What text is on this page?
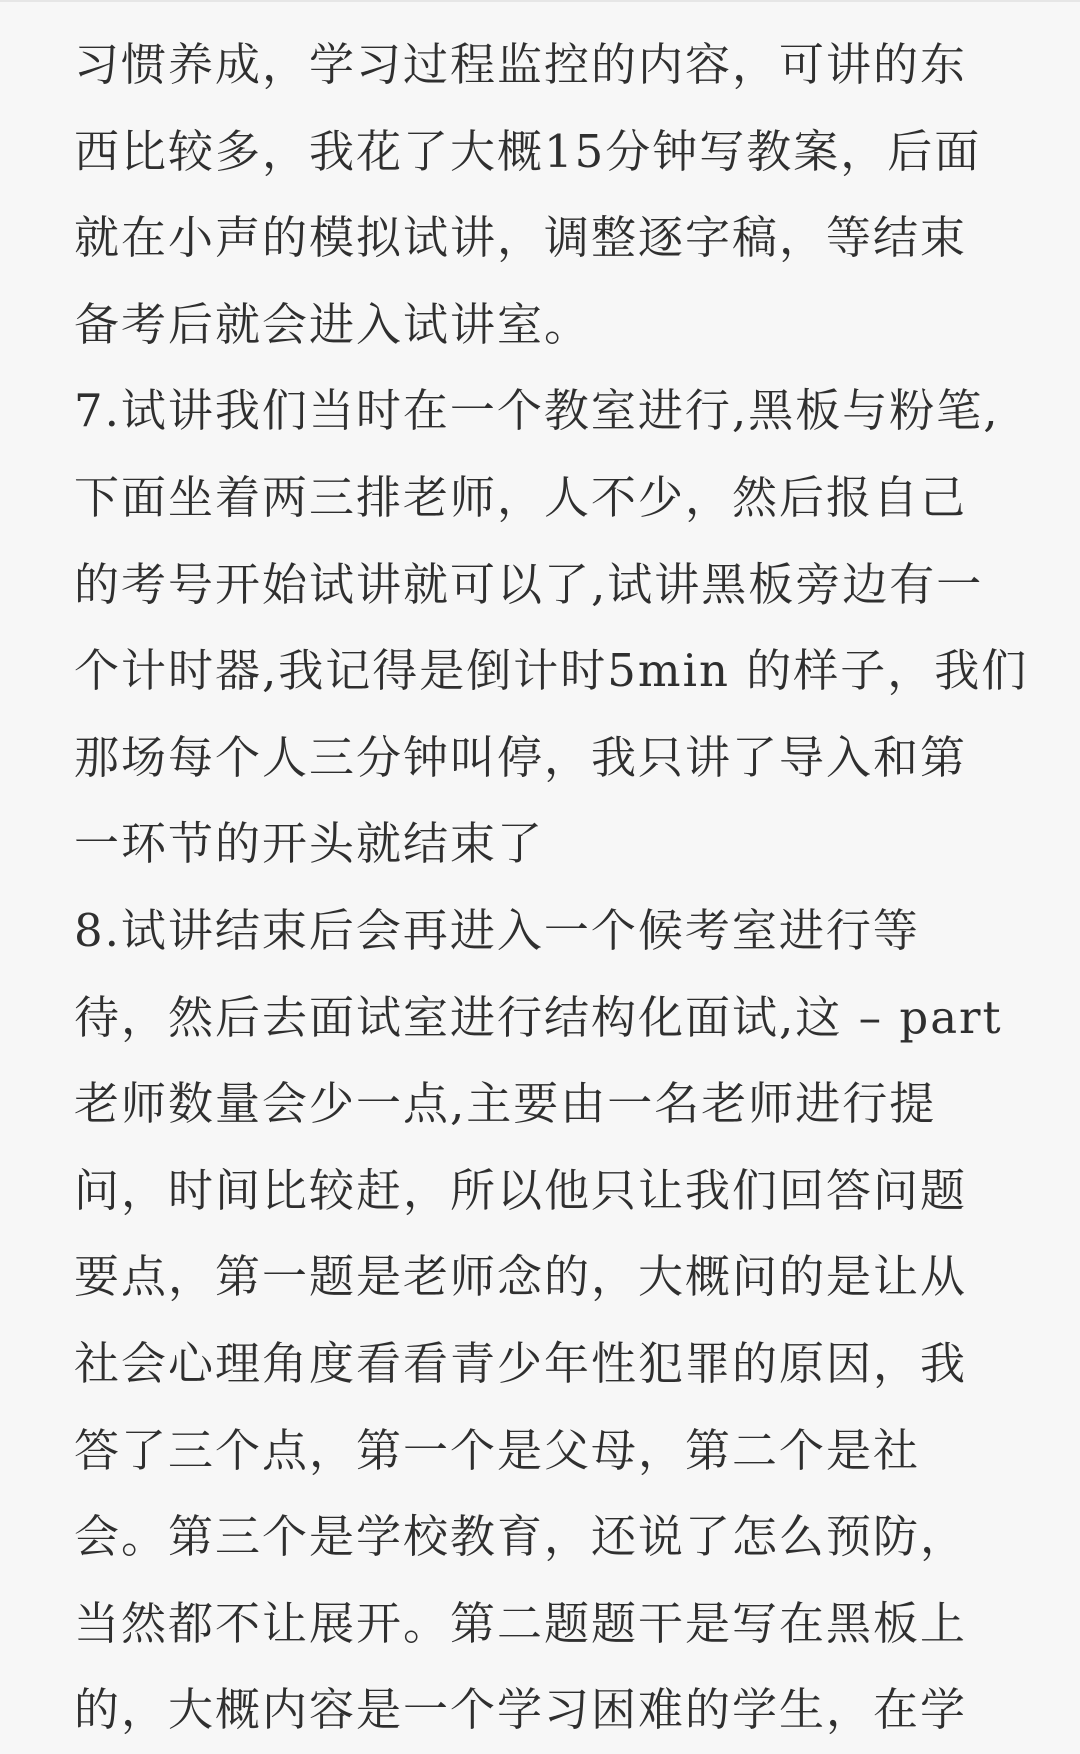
习惯养成，学习过程监控的内容，可讲的东
西比较多，我花了大概15分钟写教案，后面
就在小声的模拟试讲，调整逐字稿，等结束
备考后就会进入试讲室。
7.试讲我们当时在一个教室进行,黑板与粉笔,
下面坐着两三排老师，人不少，然后报自己
的考号开始试讲就可以了,试讲黑板旁边有一
个计时器,我记得是倒计时5min 的样子，我们
那场每个人三分钟叫停，我只讲了导入和第
一环节的开头就结束了
8.试讲结束后会再进入一个候考室进行等
待，然后去面试室进行结构化面试,这 – part
老师数量会少一点,主要由一名老师进行提
问，时间比较赶，所以他只让我们回答问题
要点，第一题是老师念的，大概问的是让从
社会心理角度看看青少年性犯罪的原因，我
答了三个点，第一个是父母，第二个是社
会。第三个是学校教育，还说了怎么预防，
当然都不让展开。第二题题干是写在黑板上
的，大概内容是一个学习困难的学生，在学
